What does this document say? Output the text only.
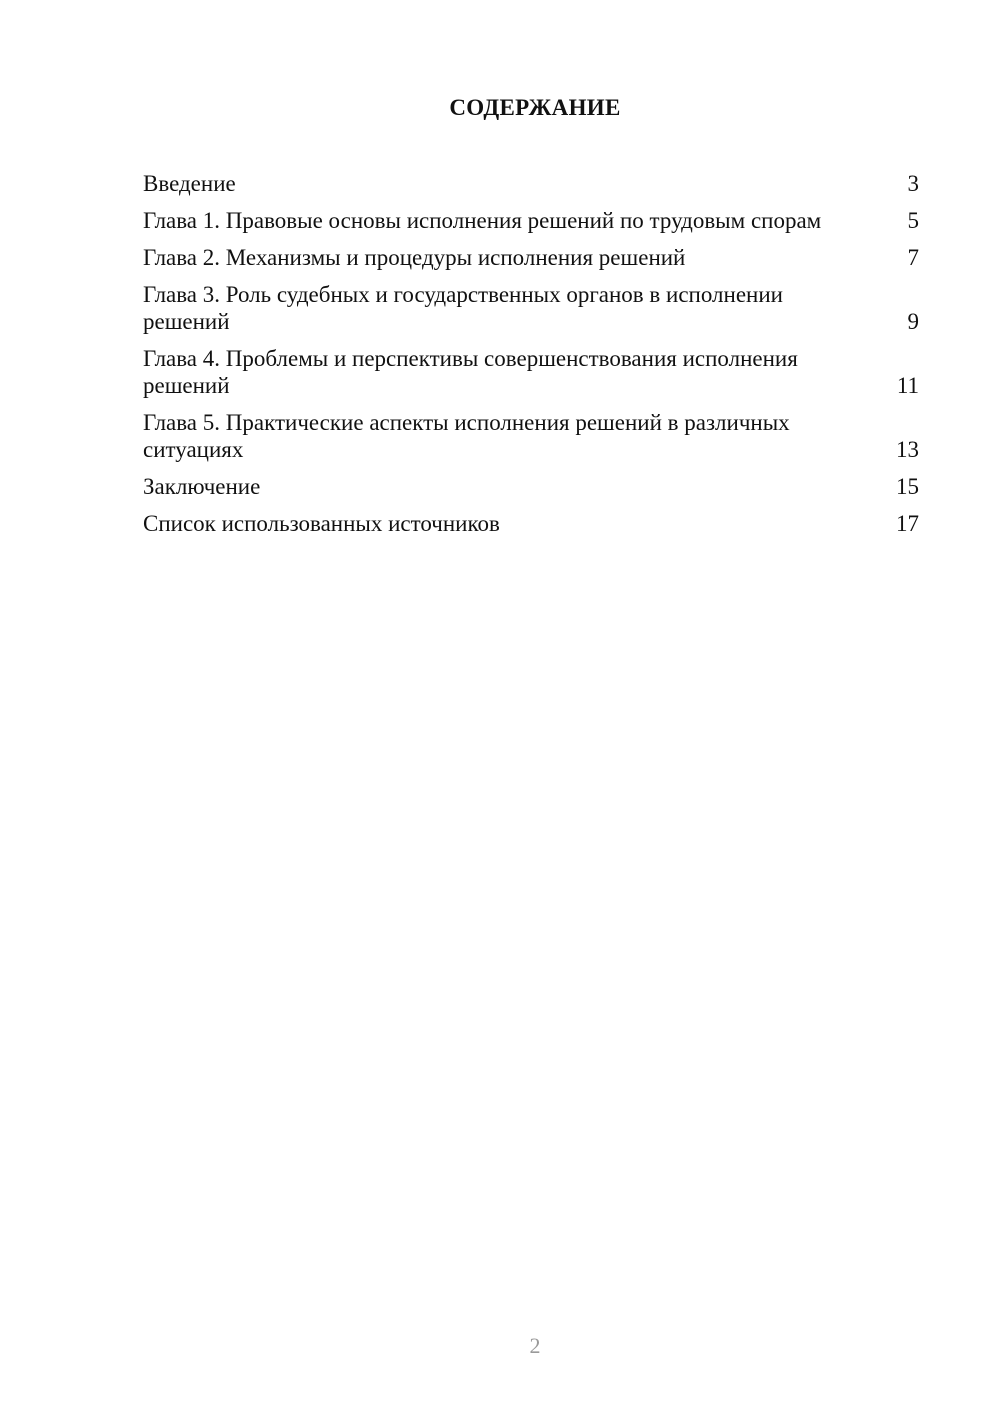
СОДЕРЖАНИЕ
Введение	3
Глава 1. Правовые основы исполнения решений по трудовым спорам	5
Глава 2. Механизмы и процедуры исполнения решений	7
Глава 3. Роль судебных и государственных органов в исполнении решений	9
Глава 4. Проблемы и перспективы совершенствования исполнения решений	11
Глава 5. Практические аспекты исполнения решений в различных ситуациях	13
Заключение	15
Список использованных источников	17
2
